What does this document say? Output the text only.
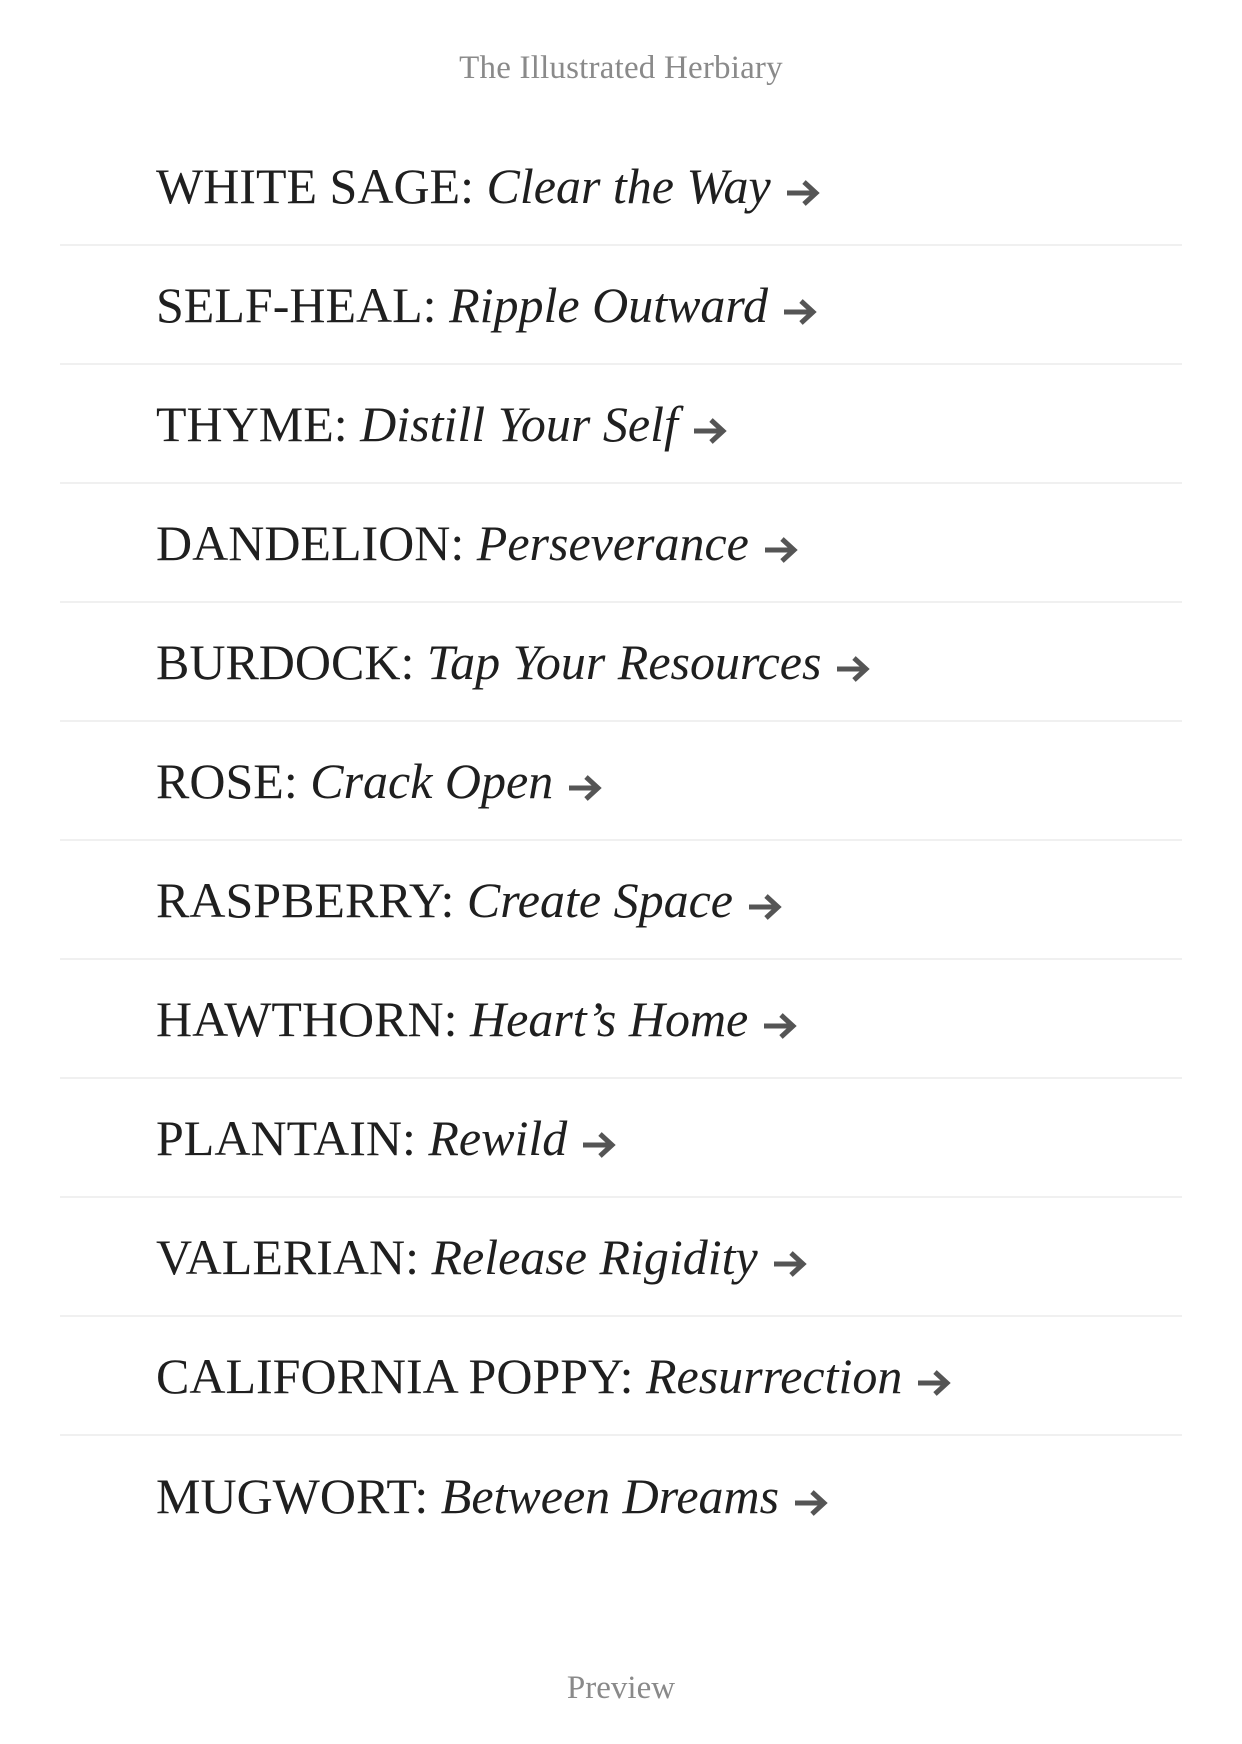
The Illustrated Herbiary
WHITE SAGE: Clear the Way
SELF-HEAL: Ripple Outward
THYME: Distill Your Self
DANDELION: Perseverance
BURDOCK: Tap Your Resources
ROSE: Crack Open
RASPBERRY: Create Space
HAWTHORN: Heart’s Home
PLANTAIN: Rewild
VALERIAN: Release Rigidity
CALIFORNIA POPPY: Resurrection
MUGWORT: Between Dreams
Preview
